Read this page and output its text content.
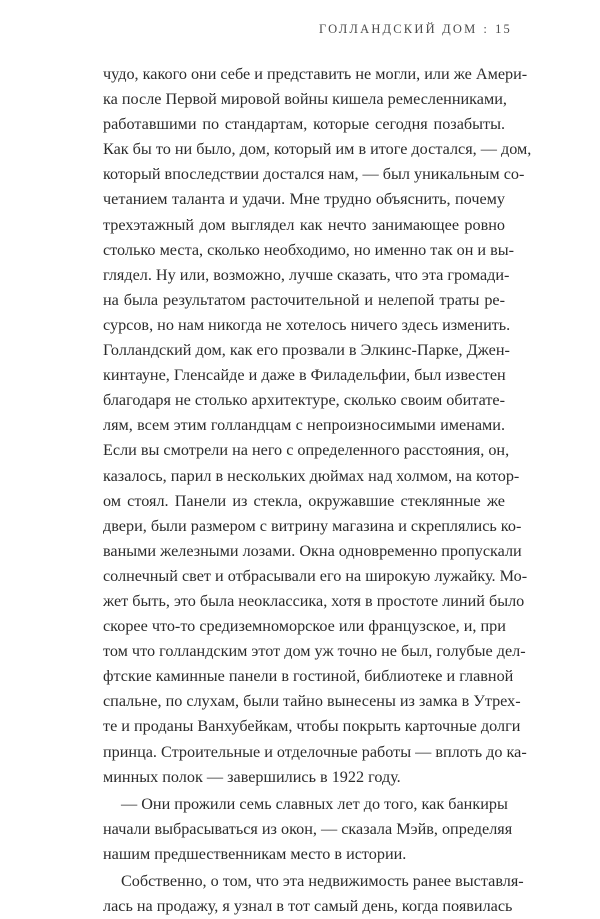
ГОЛЛАНДСКИЙ ДОМ : 15
чудо, какого они себе и представить не могли, или же Амери-
ка после Первой мировой войны кишела ремесленниками,
работавшими по стандартам, которые сегодня позабыты.
Как бы то ни было, дом, который им в итоге достался, — дом,
который впоследствии достался нам, — был уникальным со-
четанием таланта и удачи. Мне трудно объяснить, почему
трехэтажный дом выглядел как нечто занимающее ровно
столько места, сколько необходимо, но именно так он и вы-
глядел. Ну или, возможно, лучше сказать, что эта громади-
на была результатом расточительной и нелепой траты ре-
сурсов, но нам никогда не хотелось ничего здесь изменить.
Голландский дом, как его прозвали в Элкинс-Парке, Джен-
кинтауне, Гленсайде и даже в Филадельфии, был известен
благодаря не столько архитектуре, сколько своим обитате-
лям, всем этим голландцам с непроизносимыми именами.
Если вы смотрели на него с определенного расстояния, он,
казалось, парил в нескольких дюймах над холмом, на котор-
ом стоял. Панели из стекла, окружавшие стеклянные же
двери, были размером с витрину магазина и скреплялись ко-
ваными железными лозами. Окна одновременно пропускали
солнечный свет и отбрасывали его на широкую лужайку. Мо-
жет быть, это была неоклассика, хотя в простоте линий было
скорее что-то средиземноморское или французское, и, при
том что голландским этот дом уж точно не был, голубые дел-
фтские каминные панели в гостиной, библиотеке и главной
спальне, по слухам, были тайно вынесены из замка в Утрех-
те и проданы Ванхубейкам, чтобы покрыть карточные долги
принца. Строительные и отделочные работы — вплоть до ка-
минных полок — завершились в 1922 году.
— Они прожили семь славных лет до того, как банкиры
начали выбрасываться из окон, — сказала Мэйв, определяя
нашим предшественникам место в истории.
Собственно, о том, что эта недвижимость ранее выставля-
лась на продажу, я узнал в тот самый день, когда появилась
